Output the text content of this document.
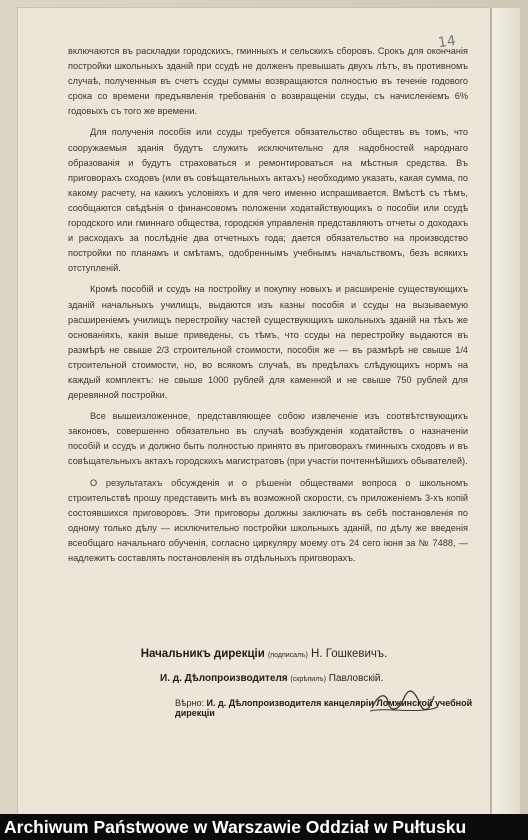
14

включаются въ раскладки городскихъ, гминныхъ и сельскихъ сборовъ. Срокъ для окончанія постройки школьныхъ зданій при ссудѣ не долженъ превышать двухъ лѣтъ, въ противномъ случаѣ, полученныя въ счетъ ссуды суммы возвращаются полностью въ теченіе годового срока со времени предъявленія требованія о возвращеніи ссуды, съ начисленіемъ 6% годовыхъ съ того же времени.

Для полученія пособія или ссуды требуется обязательство обществъ въ томъ, что сооружаемыя зданія будутъ служить исключительно для надобностей народнаго образованія и будутъ страховаться и ремонтироваться на мѣстныя средства. Въ приговорахъ сходовъ (или въ совѣщательныхъ актахъ) необходимо указать, какая сумма, по какому расчету, на какихъ условіяхъ и для чего именно испрашивается. Вмѣстѣ съ тѣмъ, сообщаются свѣдѣнія о финансовомъ положеніи ходатайствующихъ о пособіи или ссудѣ городского или гминнаго общества, городскія управленія представляютъ отчеты о доходахъ и расходахъ за послѣдніе два отчетныхъ года; дается обязательство на производство постройки по планамъ и смѣтамъ, одобреннымъ учебнымъ начальствомъ, безъ всякихъ отступленій.

Кромѣ пособій и ссудъ на постройку и покупку новыхъ и расширеніе существующихъ зданій начальныхъ училищъ, выдаются изъ казны пособія и ссуды на вызываемую расширеніемъ училищъ перестройку частей существующихъ школьныхъ зданій на тѣхъ же основаніяхъ, какія выше приведены, съ тѣмъ, что ссуды на перестройку выдаются въ размѣрѣ не свыше 2/3 строительной стоимости, пособія же — въ размѣрѣ не свыше 1/4 строительной стоимости, но, во всякомъ случаѣ, въ предѣлахъ слѣдующихъ нормъ на каждый комплектъ: не свыше 1000 рублей для каменной и не свыше 750 рублей для деревянной постройки.

Все вышеизложенное, представляющее собою извлеченіе изъ соотвѣтствующихъ законовъ, совершенно обязательно въ случаѣ возбужденія ходатайствъ о назначеніи пособій и ссудъ и должно быть полностью принято въ приговорахъ гминныхъ сходовъ и въ совѣщательныхъ актахъ городскихъ магистратовъ (при участіи почтеннѣйшихъ обывателей).

О результатахъ обсужденія и о рѣшеніи обществами вопроса о школьномъ строительствѣ прошу представить мнѣ въ возможной скорости, съ приложеніемъ 3-хъ копій состоявшихся приговоровъ. Эти приговоры должны заключать въ себѣ постановленія по одному только дѣлу — исключительно постройки школьныхъ зданій, по дѣлу же введенія всеобщаго начальнаго обученія, согласно циркуляру моему отъ 24 сего іюня за № 7488, — надлежитъ составлять постановленія въ отдѣльныхъ приговорахъ.

Начальникъ дирекціи (подписалъ) Н. Гошкевичъ.
И. д. Дѣлопроизводителя (скрѣпилъ) Павловскій.
Вѣрно: И. д. Дѣлопроизводителя канцеляріи Ломжинской учебной дирекціи
Archiwum Państwowe w Warszawie Oddział w Pułtusku
